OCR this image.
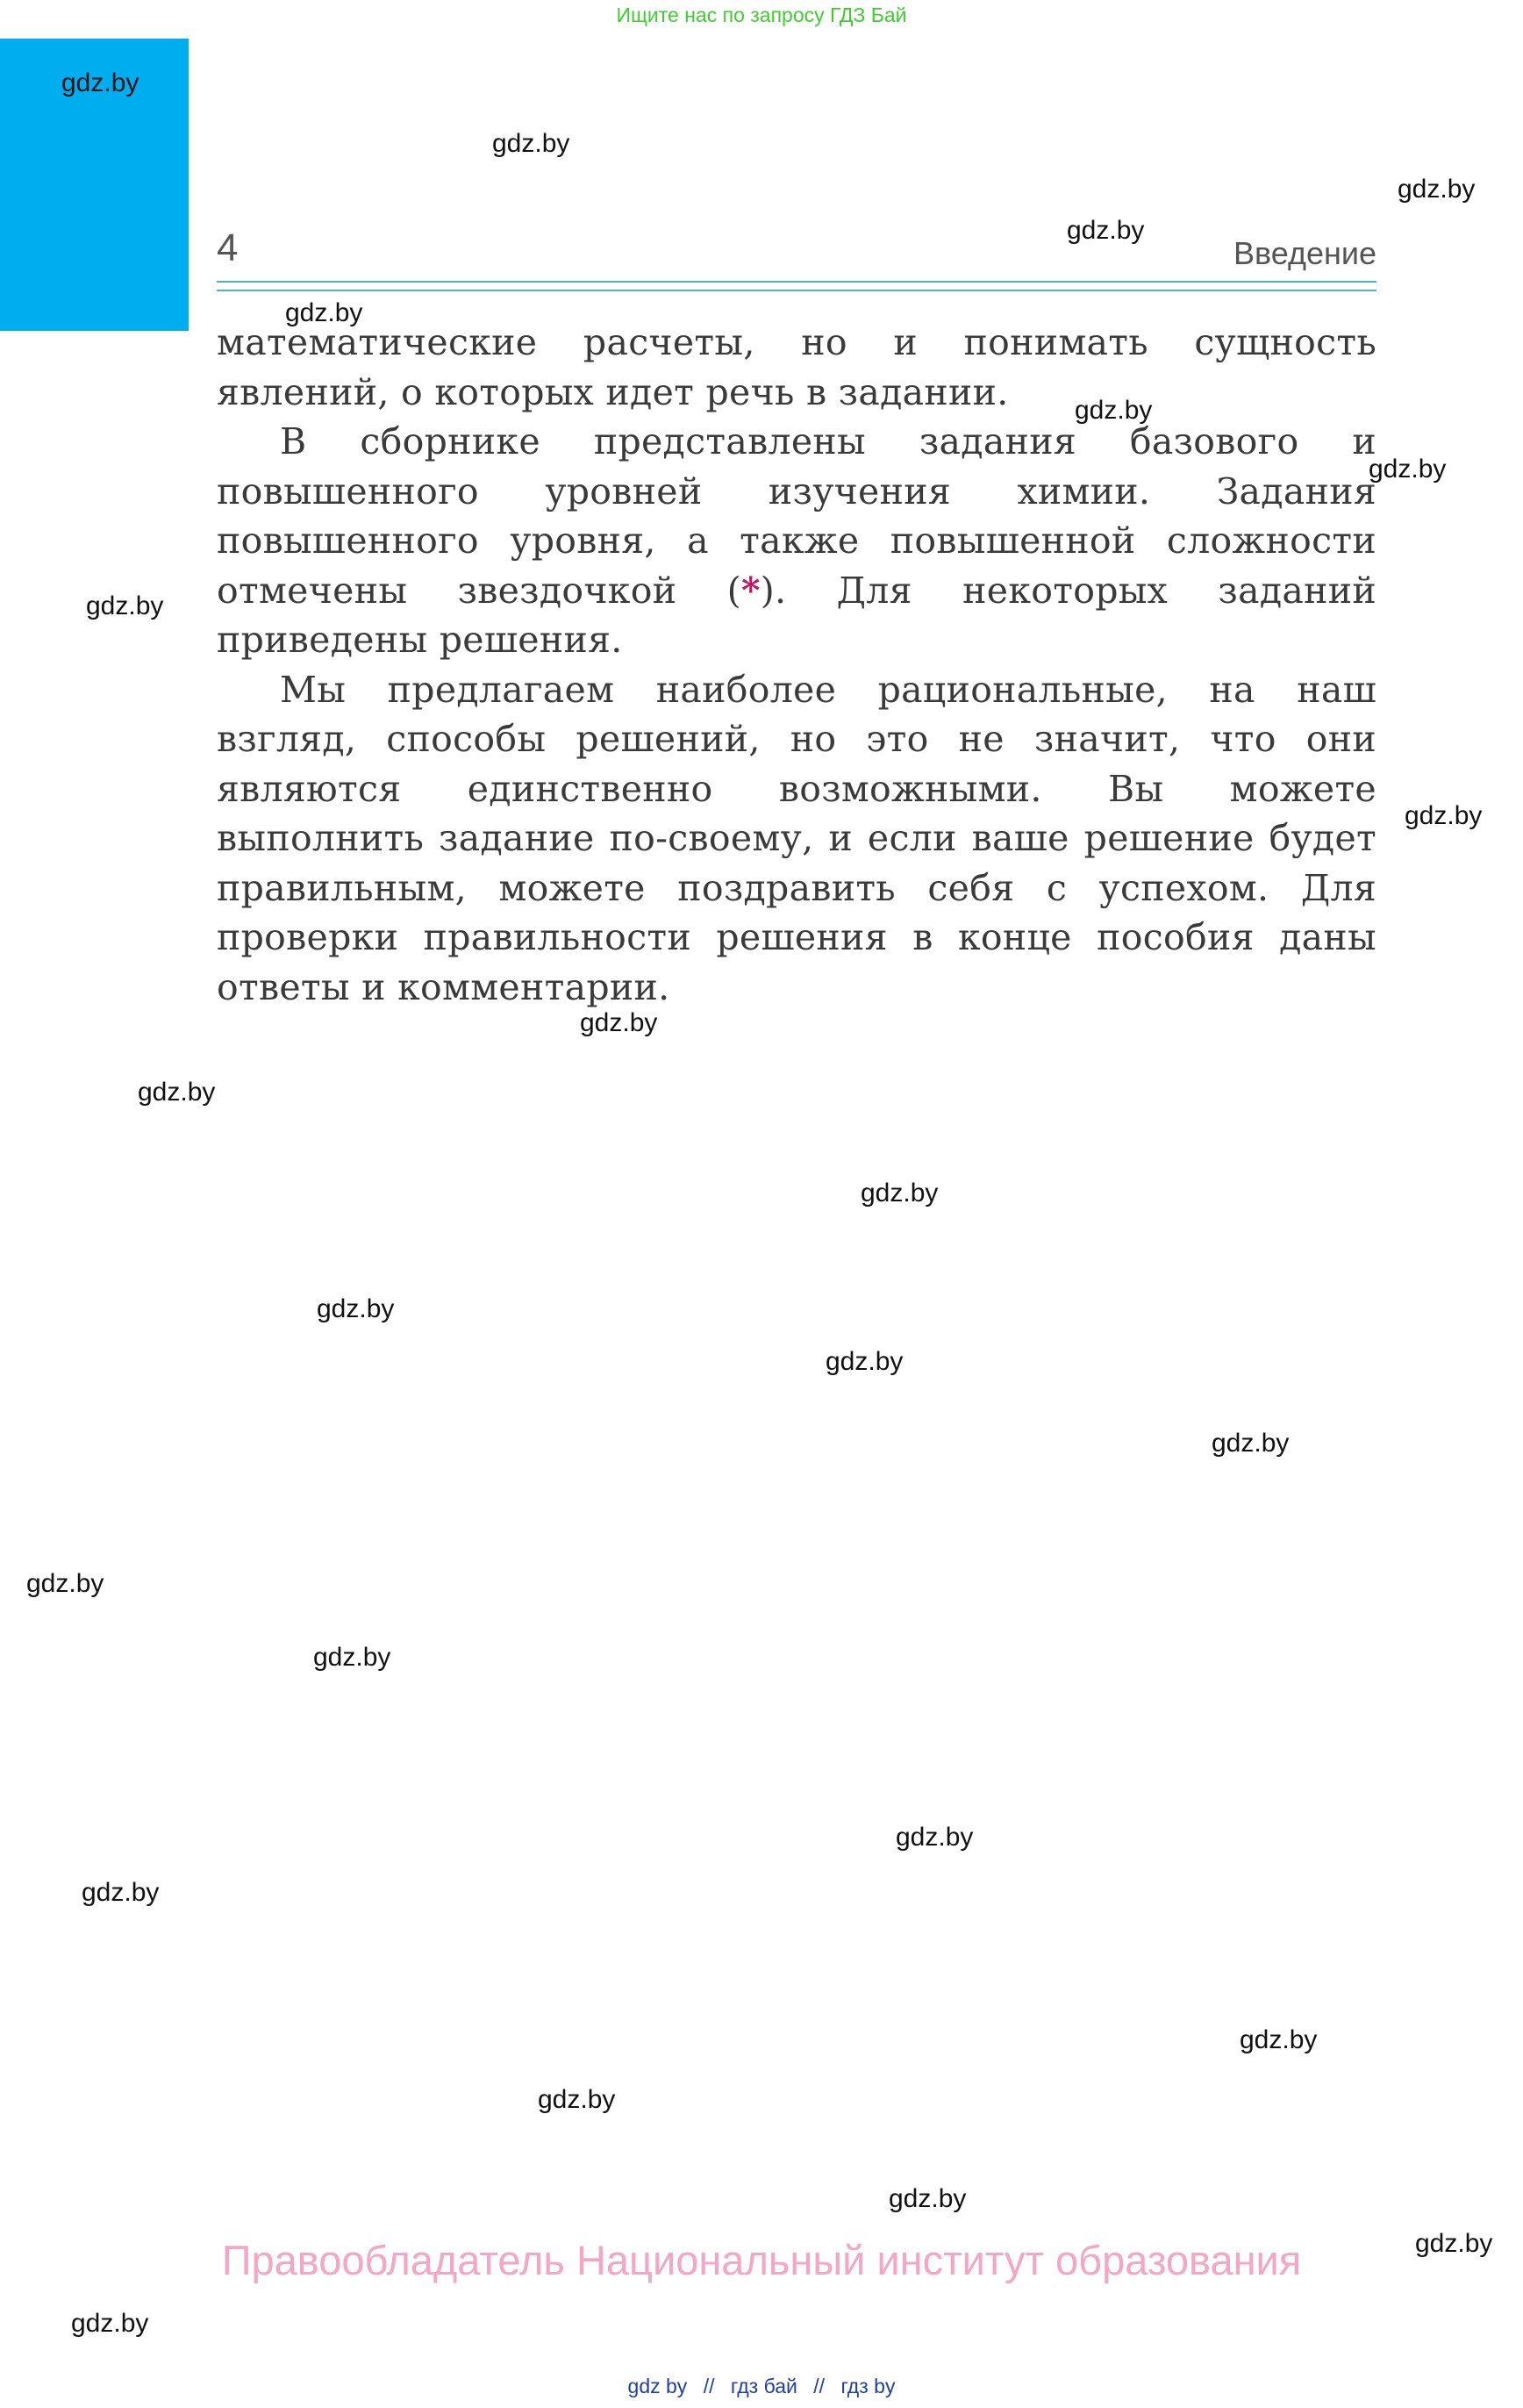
Ищите нас по запросу ГДЗ Бай
4	Введение

математические расчеты, но и понимать сущность явлений, о которых идет речь в задании.

В сборнике представлены задания базового и повышенного уровней изучения химии. Задания повышенного уровня, а также повышенной сложности отмечены звездочкой (*). Для некоторых заданий приведены решения.

Мы предлагаем наиболее рациональные, на наш взгляд, способы решений, но это не значит, что они являются единственно возможными. Вы можете выполнить задание по-своему, и если ваше решение будет правильным, можете поздравить себя с успехом. Для проверки правильности решения в конце пособия даны ответы и комментарии.

gdz.by
gdz.by
gdz.by
gdz.by
gdz.by
gdz.by
gdz.by
gdz.by
gdz.by
gdz.by
gdz.by
gdz.by
gdz.by
gdz.by
gdz.by
gdz.by
gdz.by
gdz.by
gdz.by
gdz.by
gdz.by
gdz.by
gdz.by
gdz.by
Правообладатель Национальный институт образования
gdz by // гдз бай // гдз by
